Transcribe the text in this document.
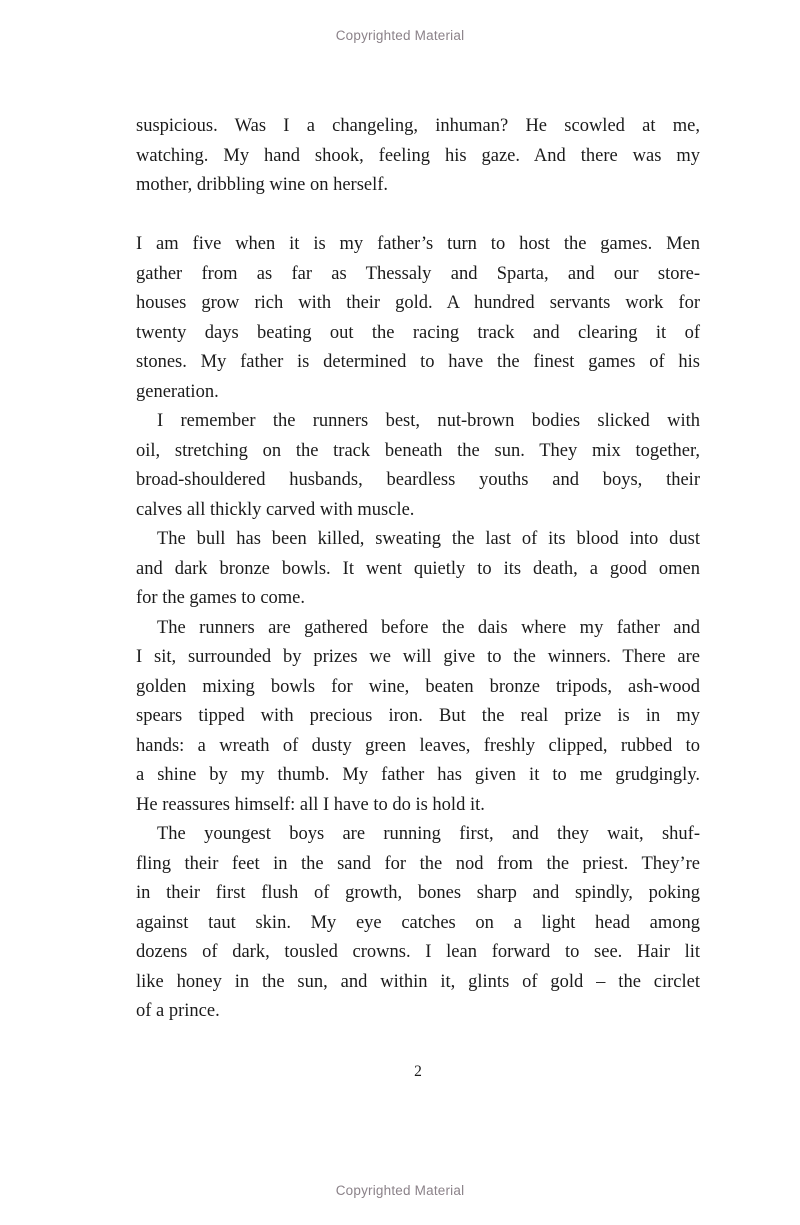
Copyrighted Material
suspicious. Was I a changeling, inhuman? He scowled at me,
watching. My hand shook, feeling his gaze. And there was my
mother, dribbling wine on herself.
I am five when it is my father’s turn to host the games. Men
gather from as far as Thessaly and Sparta, and our store-
houses grow rich with their gold. A hundred servants work for
twenty days beating out the racing track and clearing it of
stones. My father is determined to have the finest games of his
generation.
I remember the runners best, nut-brown bodies slicked with
oil, stretching on the track beneath the sun. They mix together,
broad-shouldered husbands, beardless youths and boys, their
calves all thickly carved with muscle.
The bull has been killed, sweating the last of its blood into dust
and dark bronze bowls. It went quietly to its death, a good omen
for the games to come.
The runners are gathered before the dais where my father and
I sit, surrounded by prizes we will give to the winners. There are
golden mixing bowls for wine, beaten bronze tripods, ash-wood
spears tipped with precious iron. But the real prize is in my
hands: a wreath of dusty green leaves, freshly clipped, rubbed to
a shine by my thumb. My father has given it to me grudgingly.
He reassures himself: all I have to do is hold it.
The youngest boys are running first, and they wait, shuf-
fling their feet in the sand for the nod from the priest. They’re
in their first flush of growth, bones sharp and spindly, poking
against taut skin. My eye catches on a light head among
dozens of dark, tousled crowns. I lean forward to see. Hair lit
like honey in the sun, and within it, glints of gold – the circlet
of a prince.
2
Copyrighted Material
